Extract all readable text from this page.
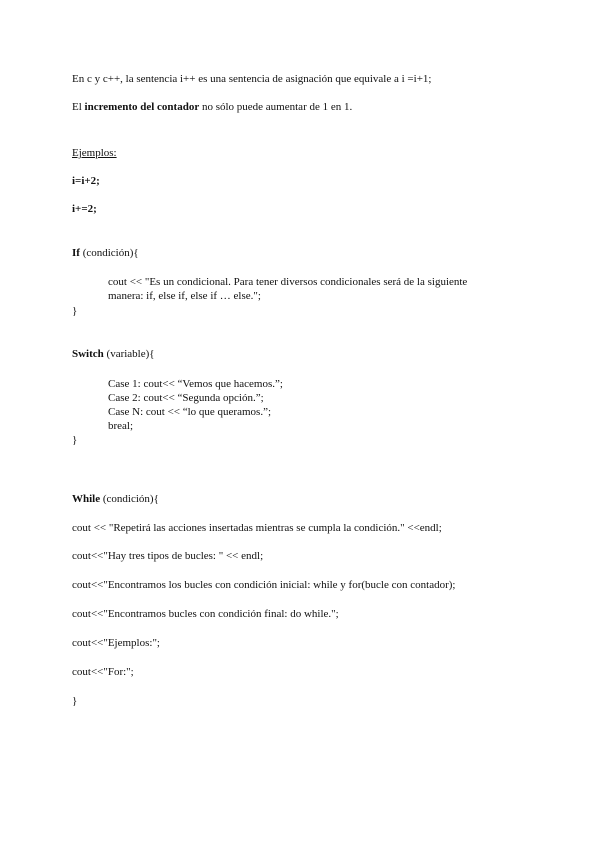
En c y c++, la sentencia i++ es una sentencia de asignación que equivale a i =i+1;
El incremento del contador no sólo puede aumentar de 1 en 1.
Ejemplos:
i=i+2;
i+=2;
If (condición){
cout << "Es un condicional. Para tener diversos condicionales será de la siguiente
manera: if, else if, else if … else.";
}
Switch (variable){
Case 1: cout<< “Vemos que hacemos.”;
Case 2: cout<< “Segunda opción.”;
Case N: cout << “lo que queramos.”;
breal;
}
While (condición){
cout << "Repetirá las acciones insertadas mientras se cumpla la condición." <<endl;
cout<<"Hay tres tipos de bucles: " << endl;
cout<<"Encontramos los bucles con condición inicial: while y for(bucle con contador);
cout<<"Encontramos bucles con condición final: do while.";
cout<<"Ejemplos:";
cout<<"For:";
}
